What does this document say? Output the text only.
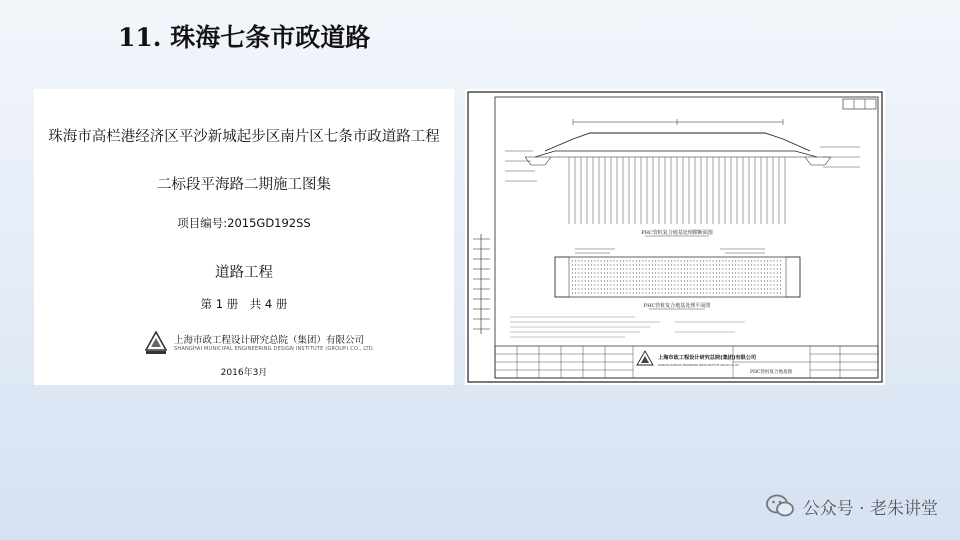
11. 珠海七条市政道路
珠海市高栏港经济区平沙新城起步区南片区七条市政道路工程
二标段平海路二期施工图集
项目编号:2015GD192SS
道路工程
第 1 册　共 4 册
上海市政工程设计研究总院（集团）有限公司
SHANGHAI MUNICIPAL ENGINEERING DESIGN INSTITUTE (GROUP) CO., LTD.
2016年3月
PHC管桩复合地基处理横断面图
PHC管桩复合地基处理平面图
上海市政工程设计研究总院(集团)有限公司
SHANGHAI MUNICIPAL ENGINEERING DESIGN INSTITUTE (GROUP) CO.,LTD
PHC管桩复合地基图
公众号 · 老朱讲堂
